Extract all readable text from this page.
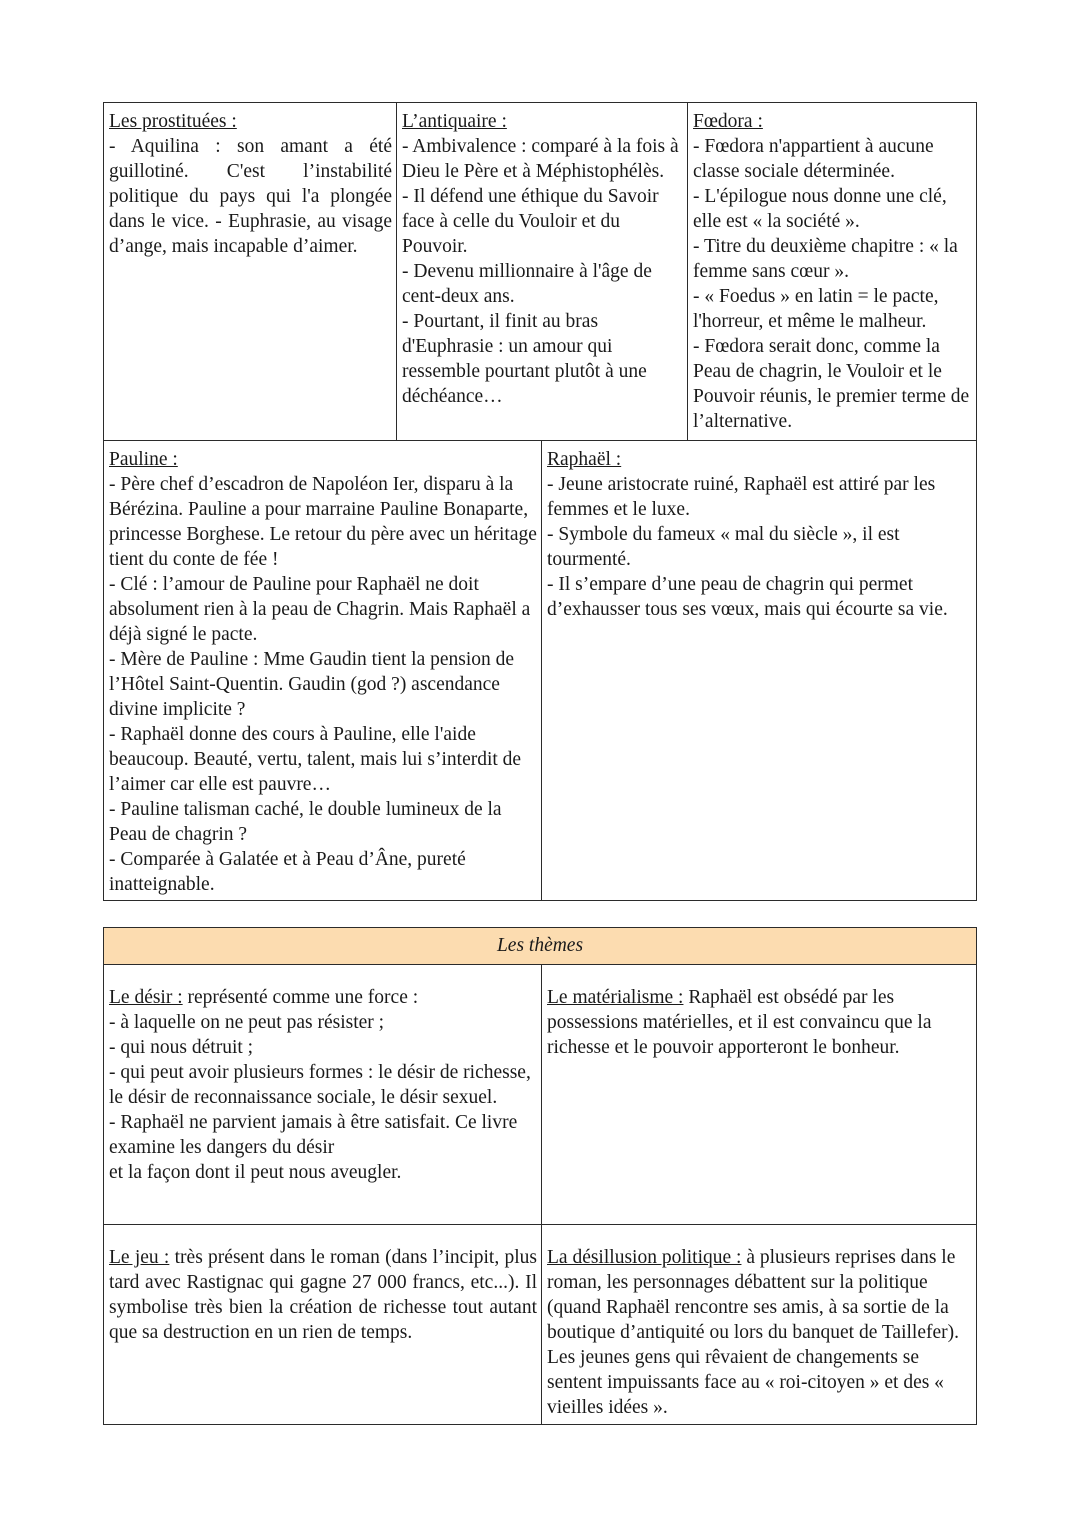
Les prostituées :
- Aquilina : son amant a été guillotiné. C'est l’instabilité politique du pays qui l'a plongée dans le vice. - Euphrasie, au visage d’ange, mais incapable d’aimer.
L’antiquaire :
- Ambivalence : comparé à la fois à Dieu le Père et à Méphistophélès.
- Il défend une éthique du Savoir face à celle du Vouloir et du Pouvoir.
- Devenu millionnaire à l'âge de cent-deux ans.
- Pourtant, il finit au bras d'Euphrasie : un amour qui ressemble pourtant plutôt à une déchéance…
Fœdora :
- Fœdora n'appartient à aucune classe sociale déterminée.
- L'épilogue nous donne une clé, elle est « la société ».
- Titre du deuxième chapitre : « la femme sans cœur ».
- « Foedus » en latin = le pacte, l'horreur, et même le malheur.
- Fœdora serait donc, comme la Peau de chagrin, le Vouloir et le Pouvoir réunis, le premier terme de l’alternative.
Pauline :
- Père chef d’escadron de Napoléon Ier, disparu à la Bérézina. Pauline a pour marraine Pauline Bonaparte, princesse Borghese. Le retour du père avec un héritage tient du conte de fée !
- Clé : l’amour de Pauline pour Raphaël ne doit absolument rien à la peau de Chagrin. Mais Raphaël a déjà signé le pacte.
- Mère de Pauline : Mme Gaudin tient la pension de l’Hôtel Saint-Quentin. Gaudin (god ?) ascendance divine implicite ?
- Raphaël donne des cours à Pauline, elle l'aide beaucoup. Beauté, vertu, talent, mais lui s’interdit de l’aimer car elle est pauvre…
- Pauline talisman caché, le double lumineux de la Peau de chagrin ?
- Comparée à Galatée et à Peau d’Âne, pureté inatteignable.
Raphaël :
- Jeune aristocrate ruiné, Raphaël est attiré par les femmes et le luxe.
- Symbole du fameux « mal du siècle », il est tourmenté.
- Il s’empare d’une peau de chagrin qui permet d’exhausser tous ses vœux, mais qui écourte sa vie.
Les thèmes
Le désir : représenté comme une force :
- à laquelle on ne peut pas résister ;
- qui nous détruit ;
- qui peut avoir plusieurs formes : le désir de richesse, le désir de reconnaissance sociale, le désir sexuel.
- Raphaël ne parvient jamais à être satisfait. Ce livre examine les dangers du désir
et la façon dont il peut nous aveugler.
Le matérialisme : Raphaël est obsédé par les possessions matérielles, et il est convaincu que la richesse et le pouvoir apporteront le bonheur.
Le jeu : très présent dans le roman (dans l’incipit, plus tard avec Rastignac qui gagne 27 000 francs, etc...). Il symbolise très bien la création de richesse tout autant que sa destruction en un rien de temps.
La désillusion politique : à plusieurs reprises dans le roman, les personnages débattent sur la politique (quand Raphaël rencontre ses amis, à sa sortie de la boutique d’antiquité ou lors du banquet de Taillefer). Les jeunes gens qui rêvaient de changements se sentent impuissants face au « roi-citoyen » et des « vieilles idées ».
